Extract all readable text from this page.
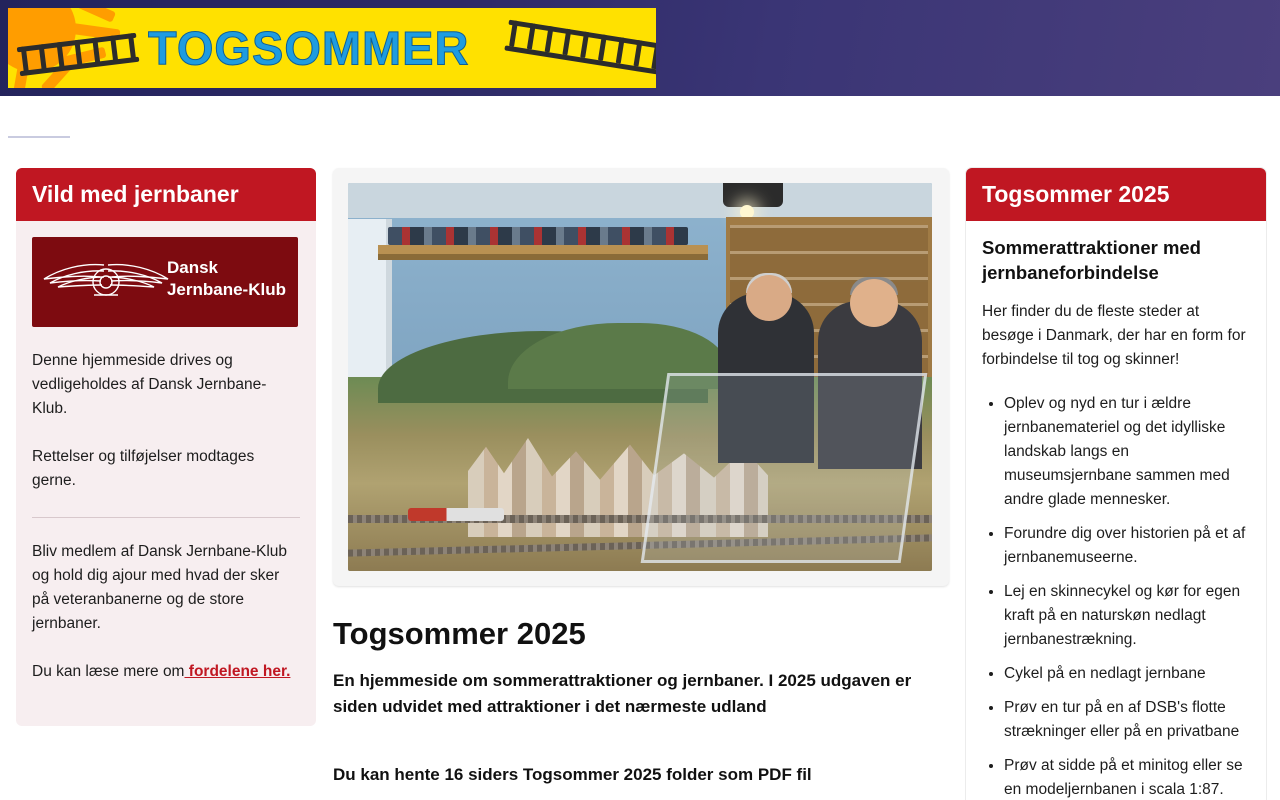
TOGSOMMER
Hjem	Veterantog	Andre tog	Museer	Skinnecykler	Minitog	Nærmeste udland	Kort	Jernbanefagudtryk	Kontakt/Link
Vild med jernbaner
Dansk
Jernbane-Klub

Denne hjemmeside drives og vedligeholdes af Dansk Jernbane-Klub.

Rettelser og tilføjelser modtages gerne.

Bliv medlem af Dansk Jernbane-Klub og hold dig ajour med hvad der sker på veteranbanerne og de store jernbaner.

Du kan læse mere om fordelene her.

Togsommer 2025

En hjemmeside om sommerattraktioner og jernbaner. I 2025 udgaven er siden udvidet med attraktioner i det nærmeste udland

Du kan hente 16 siders Togsommer 2025 folder som PDF fil

Togsommer 2025
Sommerattraktioner med jernbaneforbindelse

Her finder du de fleste steder at besøge i Danmark, der har en form for forbindelse til tog og skinner!

• Oplev og nyd en tur i ældre jernbanemateriel og det idylliske landskab langs en museumsjernbane sammen med andre glade mennesker.
• Forundre dig over historien på et af jernbanemuseerne.
• Lej en skinnecykel og kør for egen kraft på en naturskøn nedlagt jernbanestrækning.
• Cykel på en nedlagt jernbane
• Prøv en tur på en af DSB's flotte strækninger eller på en privatbane
• Prøv at sidde på et minitog eller se en modeljernbanen i scala 1:87.
